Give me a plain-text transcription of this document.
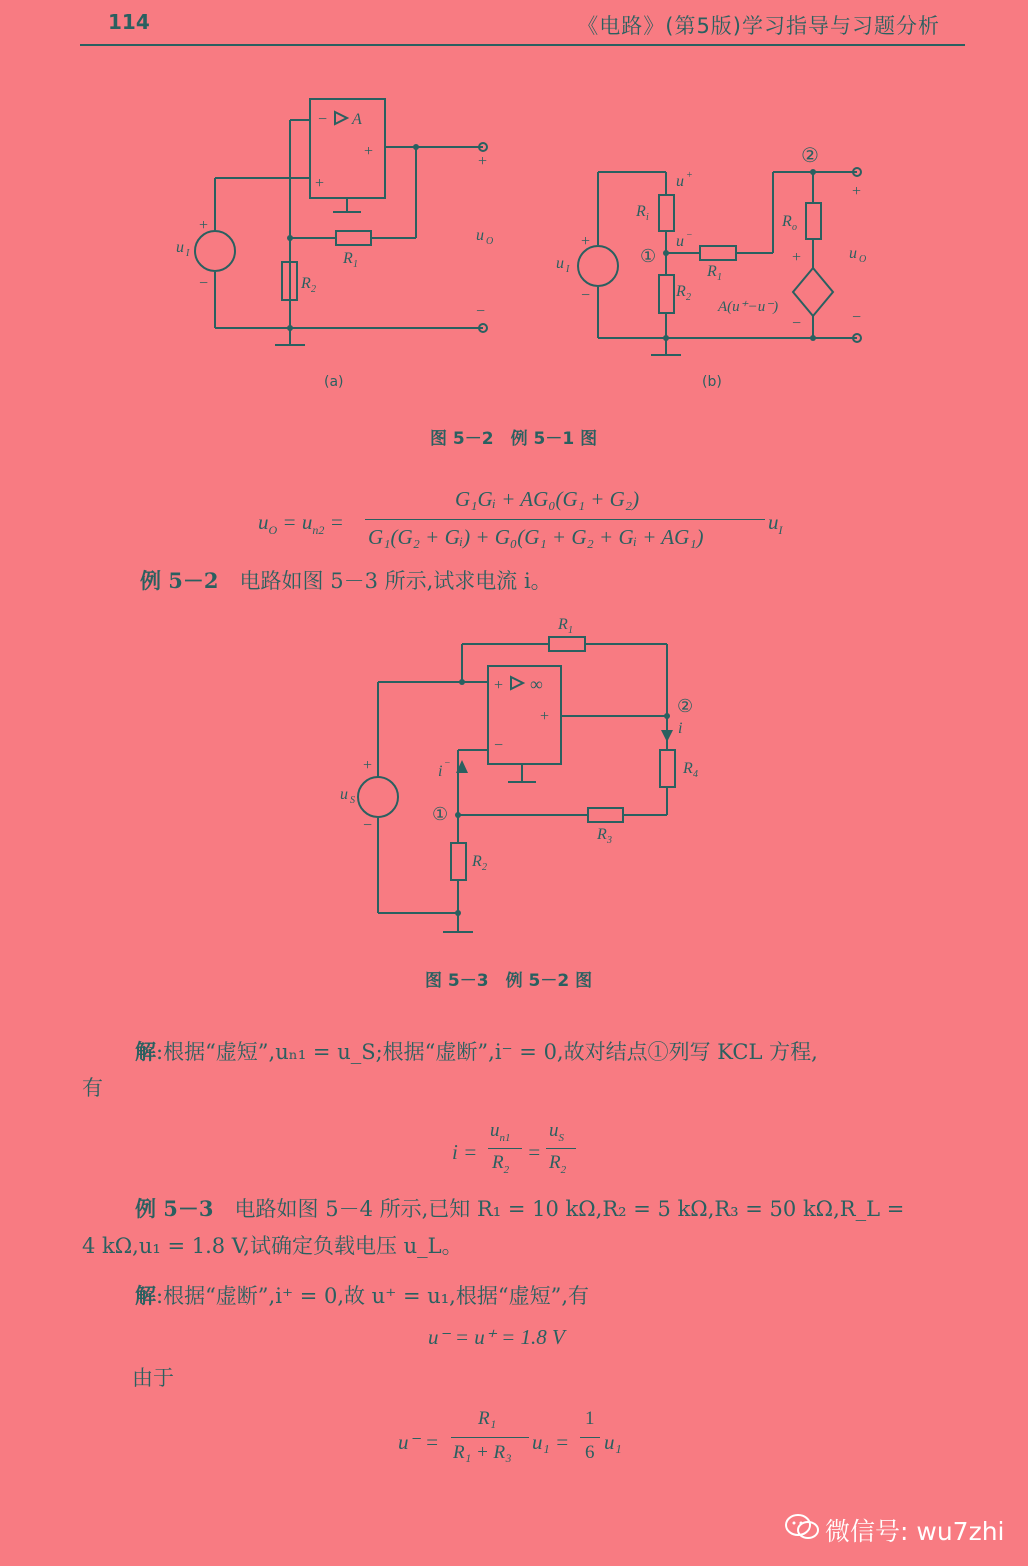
114	《电路》(第5版)学习指导与习题分析
A
−
+
+
+
−
u I	R 1
R 2
+
u O
−
+
−
u I
u +
R i
u −
①
R 1
R 2
②
R o
+
−
A(u⁺−u⁻)
+
u O
−
(a)	(b)
图 5－2　例 5－1 图
$u_O = u_{n2}$ =
G₁Gᵢ + AG₀(G₁ + G₂)
G₁(G₂ + Gᵢ) + G₀(G₁ + G₂ + Gᵢ + AG₁)
$u_I$
例 5－2　 电路如图 5－3 所示,试求电流 i。
R 1
+ ∞
+
−
+
−
u S
i −
①
②
i
R 4
R 3
R 2
图 5－3　例 5－2 图
解:根据“虚短”,uₙ₁ = u_S;根据“虚断”,i⁻ = 0,故对结点①列写 KCL 方程,
有
i =
$u_{n1}$
$R_2$
=
$u_S$
$R_2$
例 5－3　 电路如图 5－4 所示,已知 R₁ = 10 kΩ,R₂ = 5 kΩ,R₃ = 50 kΩ,R_L =
4 kΩ,u₁ = 1.8 V,试确定负载电压 u_L。
解:根据“虚断”,i⁺ = 0,故 u⁺ = u₁,根据“虚短”,有
u⁻ = u⁺ = 1.8 V
由于
u⁻ =
R₁
R₁ + R₃ u₁ =
1
6 u₁
微信号: wu7zhi
